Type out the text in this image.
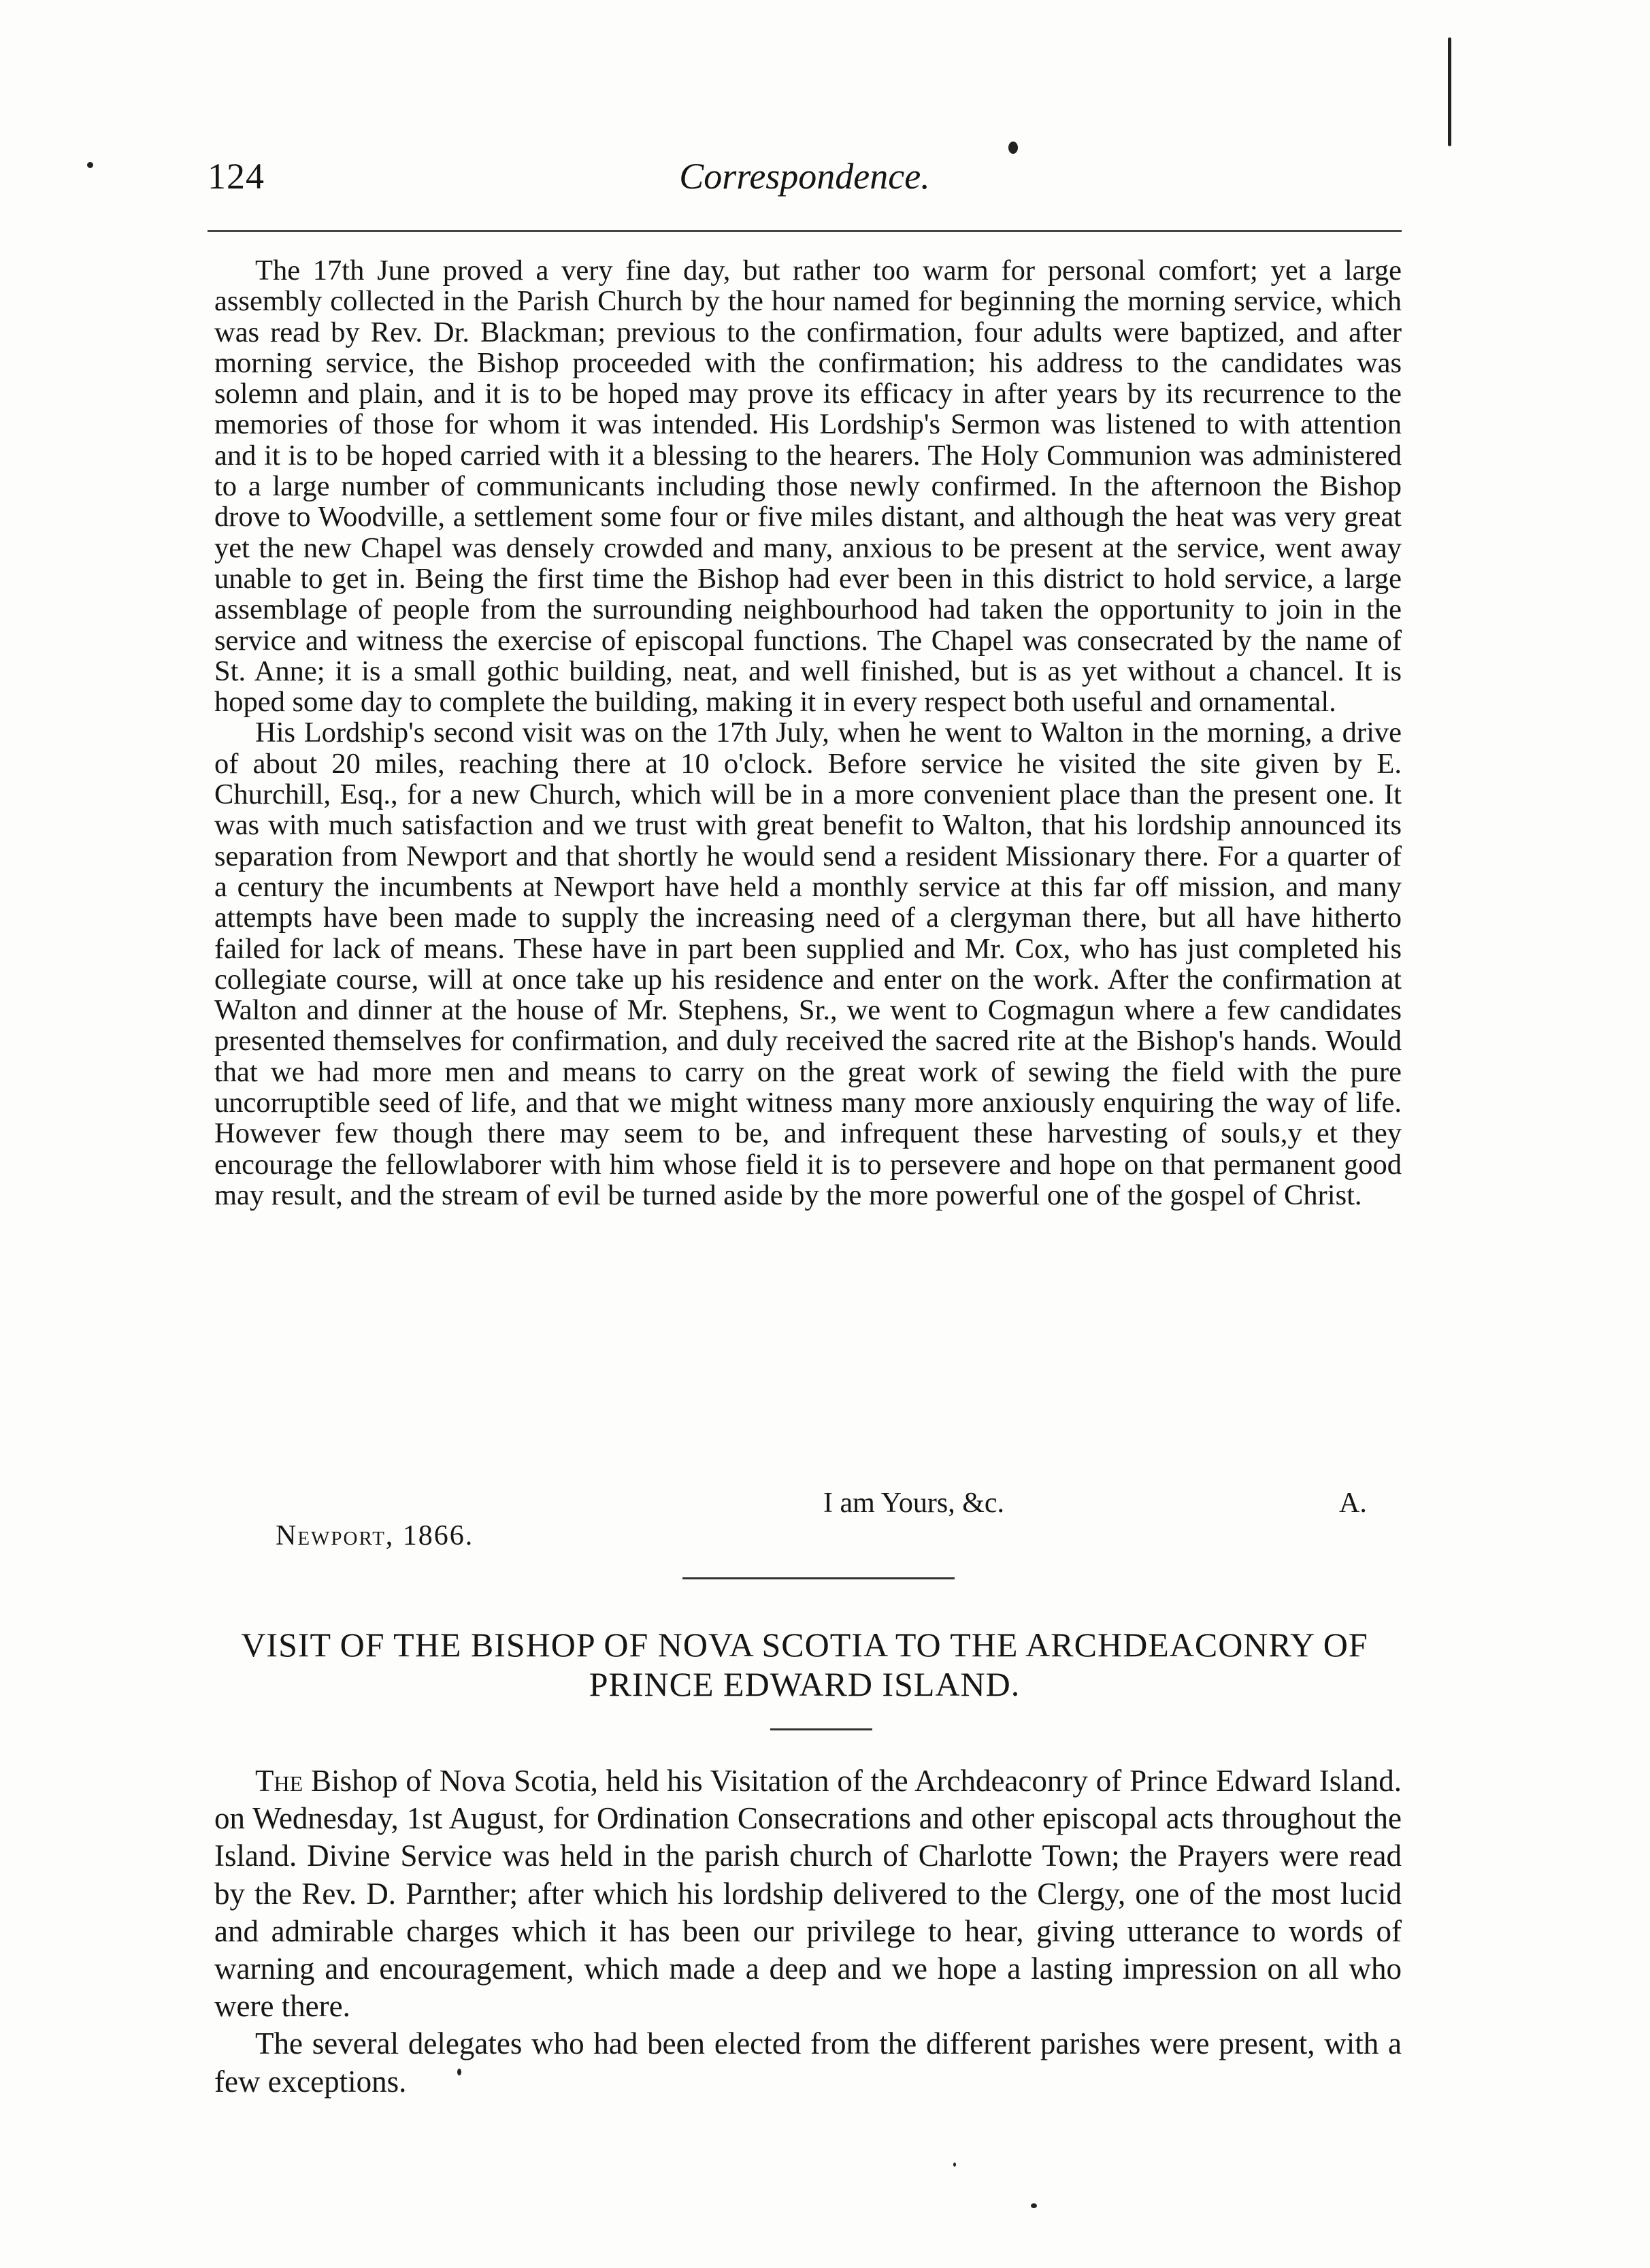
124	Correspondence.

The 17th June proved a very fine day, but rather too warm for personal comfort; yet a large assembly collected in the Parish Church by the hour named for beginning the morning service, which was read by Rev. Dr. Blackman; previous to the confirmation, four adults were baptized, and after morning service, the Bishop proceeded with the confirmation; his address to the candidates was solemn and plain, and it is to be hoped may prove its efficacy in after years by its recurrence to the memories of those for whom it was intended. His Lordship's Sermon was listened to with attention and it is to be hoped carried with it a blessing to the hearers. The Holy Communion was administered to a large number of communicants including those newly confirmed. In the afternoon the Bishop drove to Woodville, a settlement some four or five miles distant, and although the heat was very great yet the new Chapel was densely crowded and many, anxious to be present at the service, went away unable to get in. Being the first time the Bishop had ever been in this district to hold service, a large assemblage of people from the surrounding neighbourhood had taken the opportunity to join in the service and witness the exercise of episcopal functions. The Chapel was consecrated by the name of St. Anne; it is a small gothic building, neat, and well finished, but is as yet without a chancel. It is hoped some day to complete the building, making it in every respect both useful and ornamental.

His Lordship's second visit was on the 17th July, when he went to Walton in the morning, a drive of about 20 miles, reaching there at 10 o'clock. Before service he visited the site given by E. Churchill, Esq., for a new Church, which will be in a more convenient place than the present one. It was with much satisfaction and we trust with great benefit to Walton, that his lordship announced its separation from Newport and that shortly he would send a resident Missionary there. For a quarter of a century the incumbents at Newport have held a monthly service at this far off mission, and many attempts have been made to supply the increasing need of a clergyman there, but all have hitherto failed for lack of means. These have in part been supplied and Mr. Cox, who has just completed his collegiate course, will at once take up his residence and enter on the work. After the confirmation at Walton and dinner at the house of Mr. Stephens, Sr., we went to Cogmagun where a few candidates presented themselves for confirmation, and duly received the sacred rite at the Bishop's hands. Would that we had more men and means to carry on the great work of sewing the field with the pure uncorruptible seed of life, and that we might witness many more anxiously enquiring the way of life. However few though there may seem to be, and infrequent these harvesting of souls,y et they encourage the fellowlaborer with him whose field it is to persevere and hope on that permanent good may result, and the stream of evil be turned aside by the more powerful one of the gospel of Christ.

I am Yours, &c.	A.
Newport, 1866.
VISIT OF THE BISHOP OF NOVA SCOTIA TO THE ARCHDEACONRY OF PRINCE EDWARD ISLAND.

The Bishop of Nova Scotia, held his Visitation of the Archdeaconry of Prince Edward Island. on Wednesday, 1st August, for Ordination Consecrations and other episcopal acts throughout the Island. Divine Service was held in the parish church of Charlotte Town; the Prayers were read by the Rev. D. Parnther; after which his lordship delivered to the Clergy, one of the most lucid and admirable charges which it has been our privilege to hear, giving utterance to words of warning and encouragement, which made a deep and we hope a lasting impression on all who were there.

The several delegates who had been elected from the different parishes were present, with a few exceptions.
